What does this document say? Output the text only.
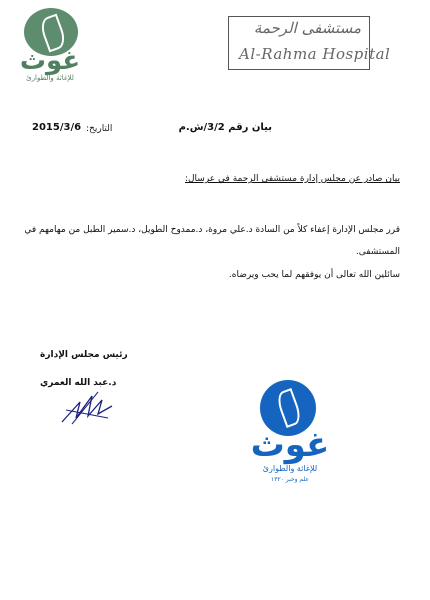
غوث
للإغاثة والطوارئ
مستشفى الرحمة
Al-Rahma Hospital
التاريخ:
2015/3/6	بيان رقم 3/2/ش.م
بيان صادر عن مجلس إدارة مستشفى الرحمة في عرسال:
قرر مجلس الإدارة إعفاء كلاً من السادة د.علي مروة، د.ممدوح الطويل، د.سمير الطبل من مهامهم في
المستشفى.
سائلين الله تعالى أن يوفقهم لما يحب ويرضاه.
رئيس مجلس الإدارة
د.عبد الله العمري
غوث
للإغاثة والطوارئ
علم وخبر ١٣٢٠
